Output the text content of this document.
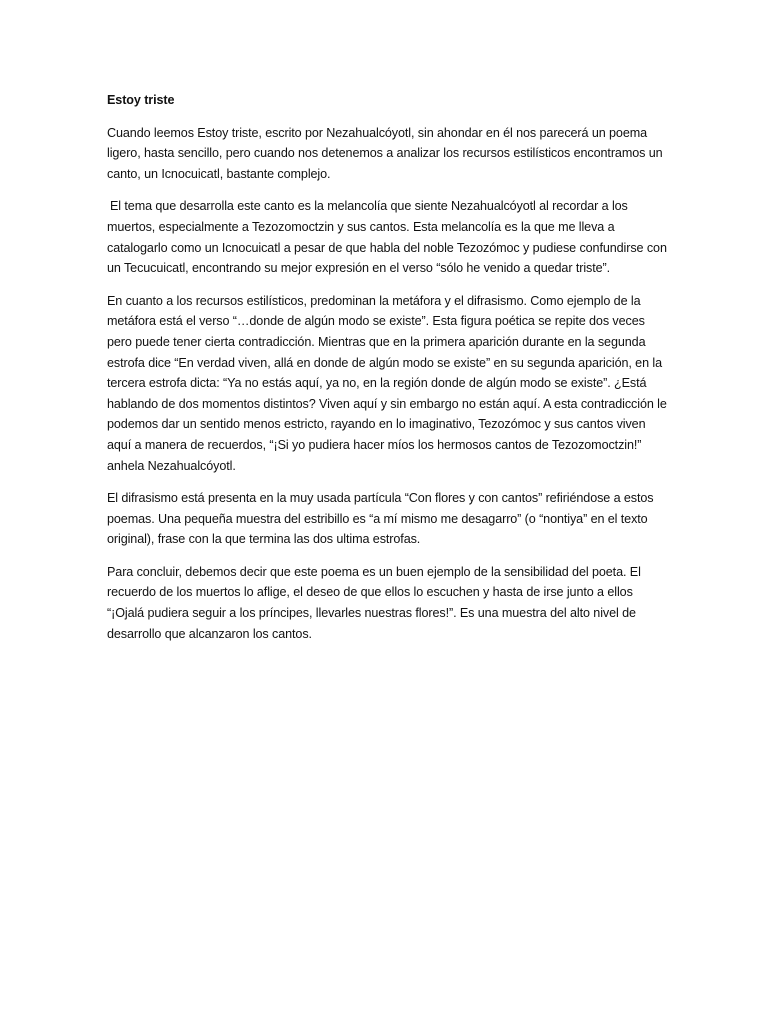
Estoy triste

Cuando leemos Estoy triste, escrito por Nezahualcóyotl, sin ahondar en él nos parecerá un poema ligero, hasta sencillo, pero cuando nos detenemos a analizar los recursos estilísticos encontramos un canto, un Icnocuicatl, bastante complejo.

El tema que desarrolla este canto es la melancolía que siente Nezahualcóyotl al recordar a los muertos, especialmente a Tezozomoctzin y sus cantos. Esta melancolía es la que me lleva a catalogarlo como un Icnocuicatl a pesar de que habla del noble Tezozómoc y pudiese confundirse con un Tecucuicatl, encontrando su mejor expresión en el verso “sólo he venido a quedar triste”.

En cuanto a los recursos estilísticos, predominan la metáfora y el difrasismo. Como ejemplo de la metáfora está el verso “…donde de algún modo se existe”. Esta figura poética se repite dos veces pero puede tener cierta contradicción. Mientras que en la primera aparición durante en la segunda estrofa dice “En verdad viven, allá en donde de algún modo se existe” en su segunda aparición, en la tercera estrofa dicta: “Ya no estás aquí, ya no, en la región donde de algún modo se existe”. ¿Está hablando de dos momentos distintos? Viven aquí y sin embargo no están aquí. A esta contradicción le podemos dar un sentido menos estricto, rayando en lo imaginativo, Tezozómoc y sus cantos viven aquí a manera de recuerdos, “¡Si yo pudiera hacer míos los hermosos cantos de Tezozomoctzin!” anhela Nezahualcóyotl.

El difrasismo está presenta en la muy usada partícula “Con flores y con cantos” refiriéndose a estos poemas. Una pequeña muestra del estribillo es “a mí mismo me desagarro” (o “nontiya” en el texto original), frase con la que termina las dos ultima estrofas.

Para concluir, debemos decir que este poema es un buen ejemplo de la sensibilidad del poeta. El recuerdo de los muertos lo aflige, el deseo de que ellos lo escuchen y hasta de irse junto a ellos “¡Ojalá pudiera seguir a los príncipes, llevarles nuestras flores!”. Es una muestra del alto nivel de desarrollo que alcanzaron los cantos.
